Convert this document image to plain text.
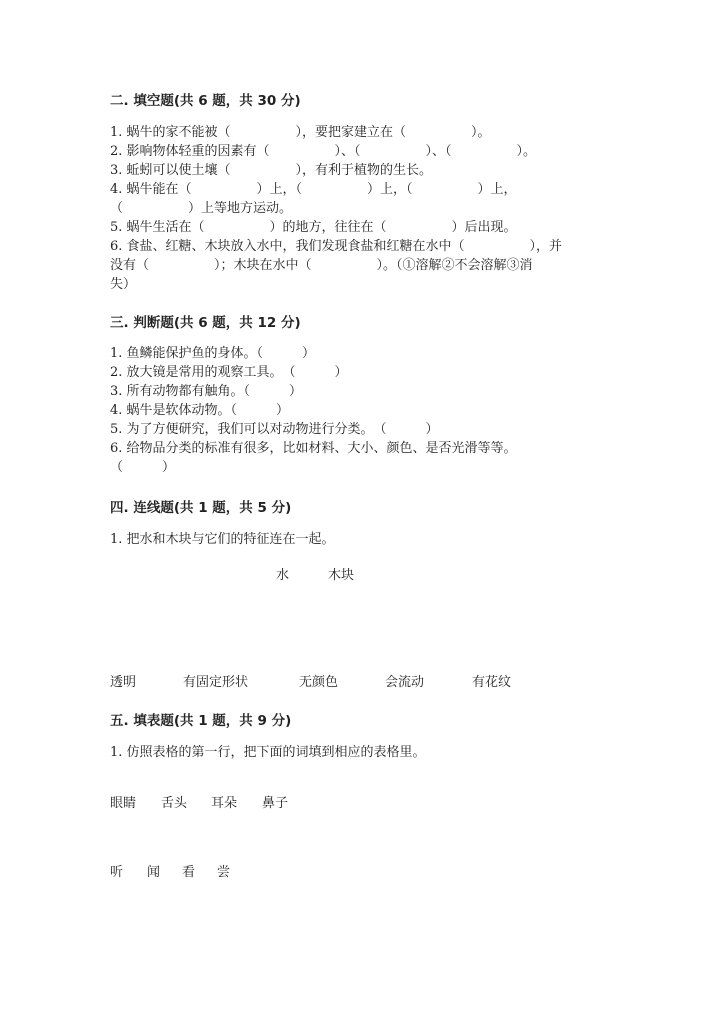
二. 填空题(共 6 题，共 30 分)
1. 蜗牛的家不能被（　　　　　），要把家建立在（　　　　　）。
2. 影响物体轻重的因素有（　　　　　）、（　　　　　）、（　　　　　）。
3. 蚯蚓可以使土壤（　　　　　），有利于植物的生长。
4. 蜗牛能在（　　　　　）上，（　　　　　）上，（　　　　　）上，
（　　　　　）上等地方运动。
5. 蜗牛生活在（　　　　　）的地方，往往在（　　　　　）后出现。
6. 食盐、红糖、木块放入水中，我们发现食盐和红糖在水中（　　　　　），并
没有（　　　　　）；木块在水中（　　　　　）。（①溶解②不会溶解③消
失）
三. 判断题(共 6 题，共 12 分)
1. 鱼鳞能保护鱼的身体。（　　　）
2. 放大镜是常用的观察工具。　（　　　）
3. 所有动物都有触角。（　　　）
4. 蜗牛是软体动物。（　　　）
5. 为了方便研究，我们可以对动物进行分类。　（　　　）
6. 给物品分类的标准有很多，比如材料、大小、颜色、是否光滑等等。
（　　　）
四. 连线题(共 1 题，共 5 分)
1. 把水和木块与它们的特征连在一起。
水	木块
透明	有固定形状	无颜色	会流动	有花纹
五. 填表题(共 1 题，共 9 分)
1. 仿照表格的第一行，把下面的词填到相应的表格里。
眼睛 舌头 耳朵 鼻子
听 闻 看 尝
